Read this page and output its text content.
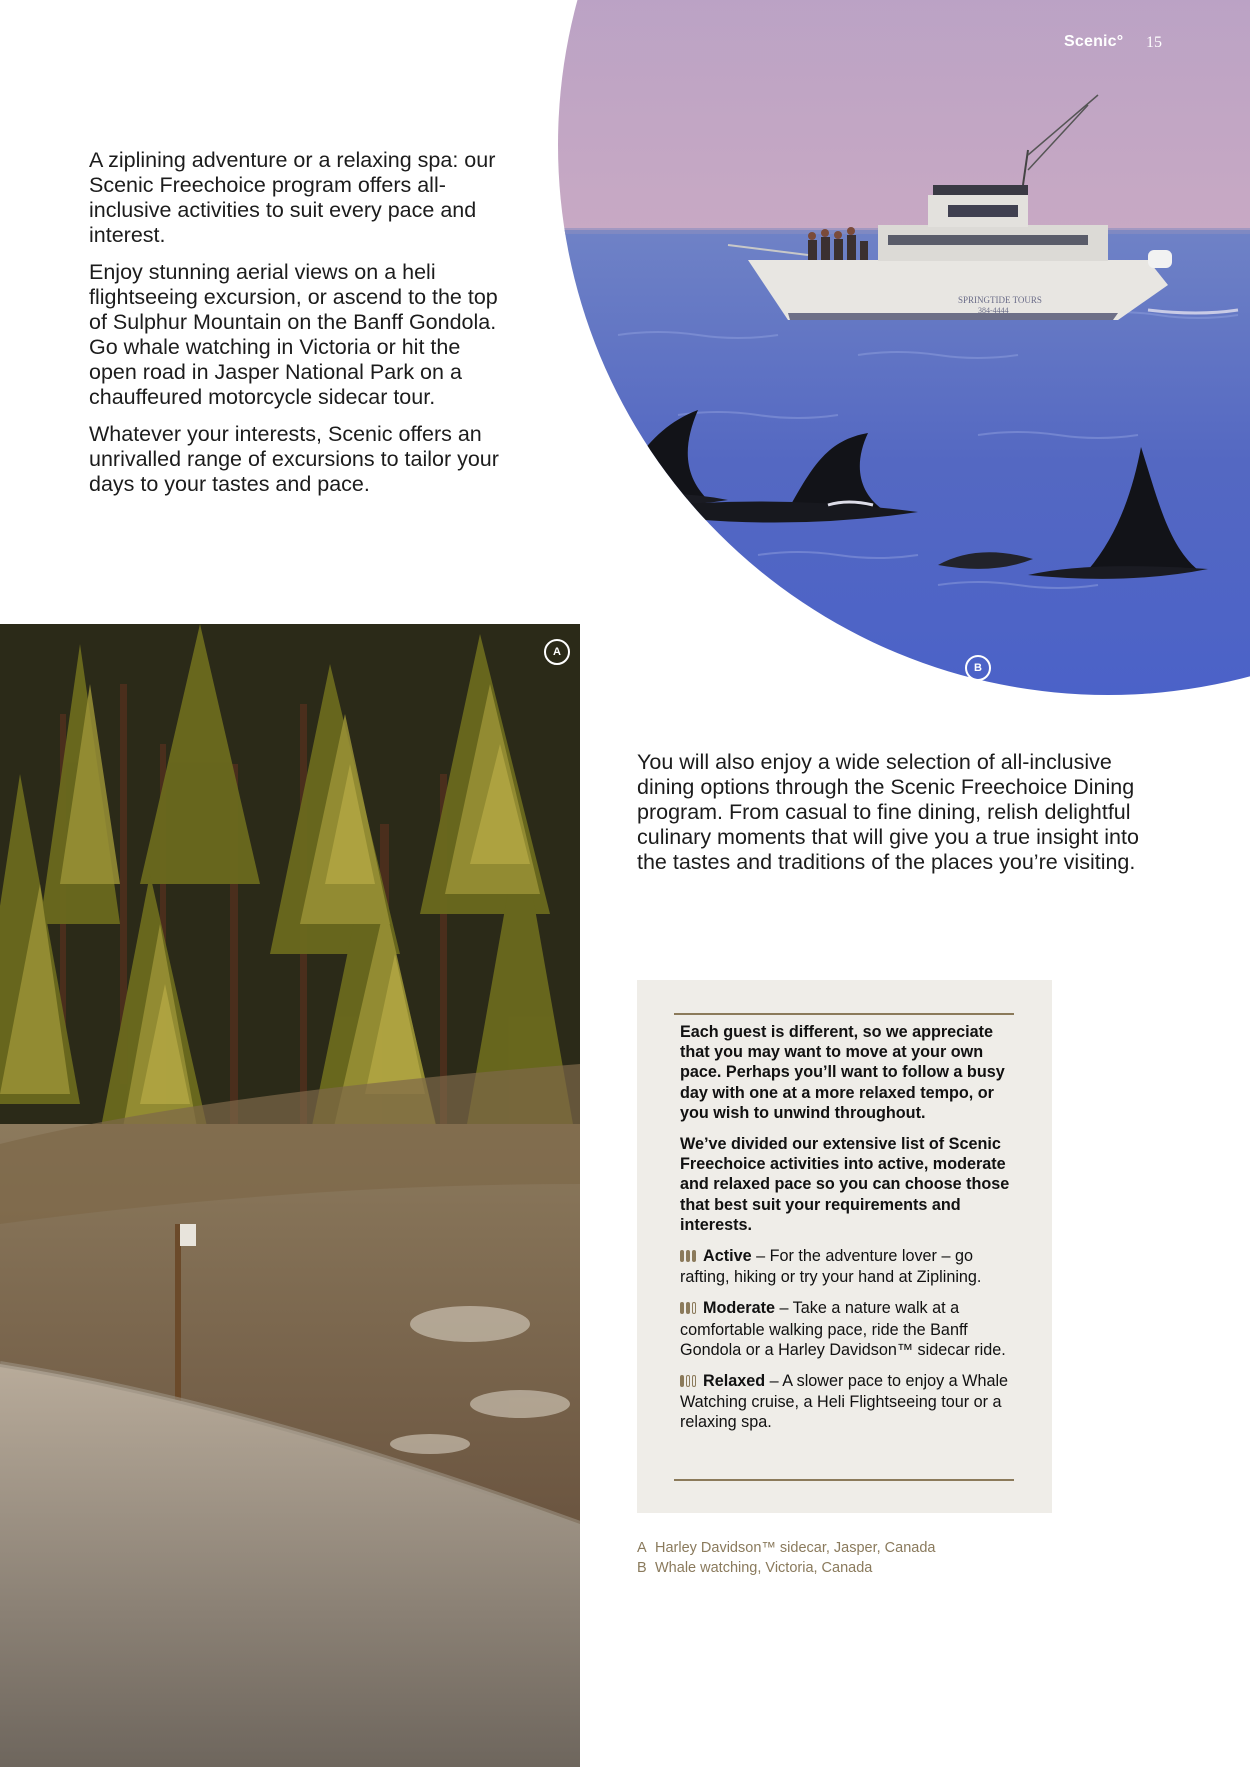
SPRINGTIDE TOURS
384-4444
Scenic° 15

A ziplining adventure or a relaxing spa: our Scenic Freechoice program offers all-inclusive activities to suit every pace and interest.

Enjoy stunning aerial views on a heli flightseeing excursion, or ascend to the top of Sulphur Mountain on the Banff Gondola. Go whale watching in Victoria or hit the open road in Jasper National Park on a chauffeured motorcycle sidecar tour.

Whatever your interests, Scenic offers an unrivalled range of excursions to tailor your days to your tastes and pace.

A
B

You will also enjoy a wide selection of all-inclusive dining options through the Scenic Freechoice Dining program. From casual to fine dining, relish delightful culinary moments that will give you a true insight into the tastes and traditions of the places you’re visiting.

Each guest is different, so we appreciate that you may want to move at your own pace. Perhaps you’ll want to follow a busy day with one at a more relaxed tempo, or you wish to unwind throughout.

We’ve divided our extensive list of Scenic Freechoice activities into active, moderate and relaxed pace so you can choose those that best suit your requirements and interests.

Active – For the adventure lover – go rafting, hiking or try your hand at Ziplining.

Moderate – Take a nature walk at a comfortable walking pace, ride the Banff Gondola or a Harley Davidson™ sidecar ride.

Relaxed – A slower pace to enjoy a Whale Watching cruise, a Heli Flightseeing tour or a relaxing spa.

A Harley Davidson™ sidecar, Jasper, Canada
B Whale watching, Victoria, Canada
